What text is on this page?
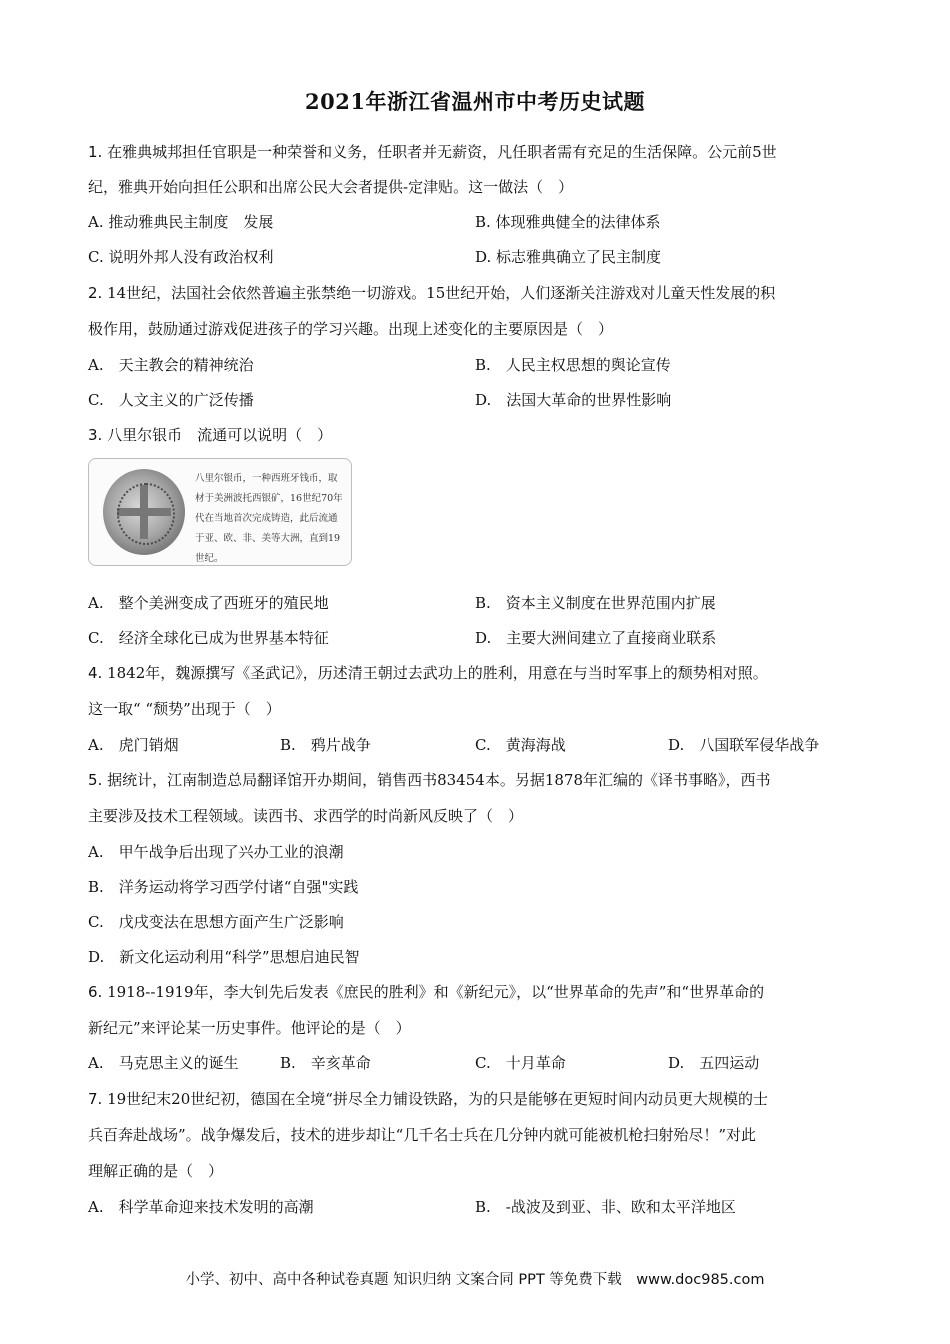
2021年浙江省温州市中考历史试题
1. 在雅典城邦担任官职是一种荣誉和义务，任职者并无薪资，凡任职者需有充足的生活保障。公元前5世
纪，雅典开始向担任公职和出席公民大会者提供-定津贴。这一做法（　）
A. 推动雅典民主制度　发展	B. 体现雅典健全的法律体系
C. 说明外邦人没有政治权利	D. 标志雅典确立了民主制度
2. 14世纪，法国社会依然普遍主张禁绝一切游戏。15世纪开始，人们逐渐关注游戏对儿童天性发展的积
极作用，鼓励通过游戏促进孩子的学习兴趣。出现上述变化的主要原因是（　）
A.　天主教会的精神统治	B.　人民主权思想的舆论宣传
C.　人文主义的广泛传播	D.　法国大革命的世界性影响
3. 八里尔银币　流通可以说明（　）
八里尔银币，一种西班牙钱币，取材于美洲波托西银矿，16世纪70年代在当地首次完成铸造，此后流通于亚、欧、非、美等大洲，直到19世纪。
A.　整个美洲变成了西班牙的殖民地	B.　资本主义制度在世界范围内扩展
C.　经济全球化已成为世界基本特征	D.　主要大洲间建立了直接商业联系
4. 1842年，魏源撰写《圣武记》，历述清王朝过去武功上的胜利，用意在与当时军事上的颓势相对照。
这一取“ “颓势”出现于（　）
A.　虎门销烟	B.　鸦片战争	C.　黄海海战	D.　八国联军侵华战争
5. 据统计，江南制造总局翻译馆开办期间，销售西书83454本。另据1878年汇编的《译书事略》，西书
主要涉及技术工程领域。读西书、求西学的时尚新风反映了（　）
A.　甲午战争后出现了兴办工业的浪潮
B.　洋务运动将学习西学付诸“自强"实践
C.　戊戌变法在思想方面产生广泛影响
D.　新文化运动利用“科学”思想启迪民智
6. 1918--1919年，李大钊先后发表《庶民的胜利》和《新纪元》，以“世界革命的先声”和“世界革命的
新纪元”来评论某一历史事件。他评论的是（　）
A.　马克思主义的诞生	B.　辛亥革命	C.　十月革命	D.　五四运动
7. 19世纪末20世纪初，德国在全境“拼尽全力铺设铁路，为的只是能够在更短时间内动员更大规模的士
兵百奔赴战场”。战争爆发后，技术的进步却让“几千名士兵在几分钟内就可能被机枪扫射殆尽！”对此
理解正确的是（　）
A.　科学革命迎来技术发明的高潮	B.　-战波及到亚、非、欧和太平洋地区
小学、初中、高中各种试卷真题 知识归纳 文案合同 PPT 等免费下载　www.doc985.com
